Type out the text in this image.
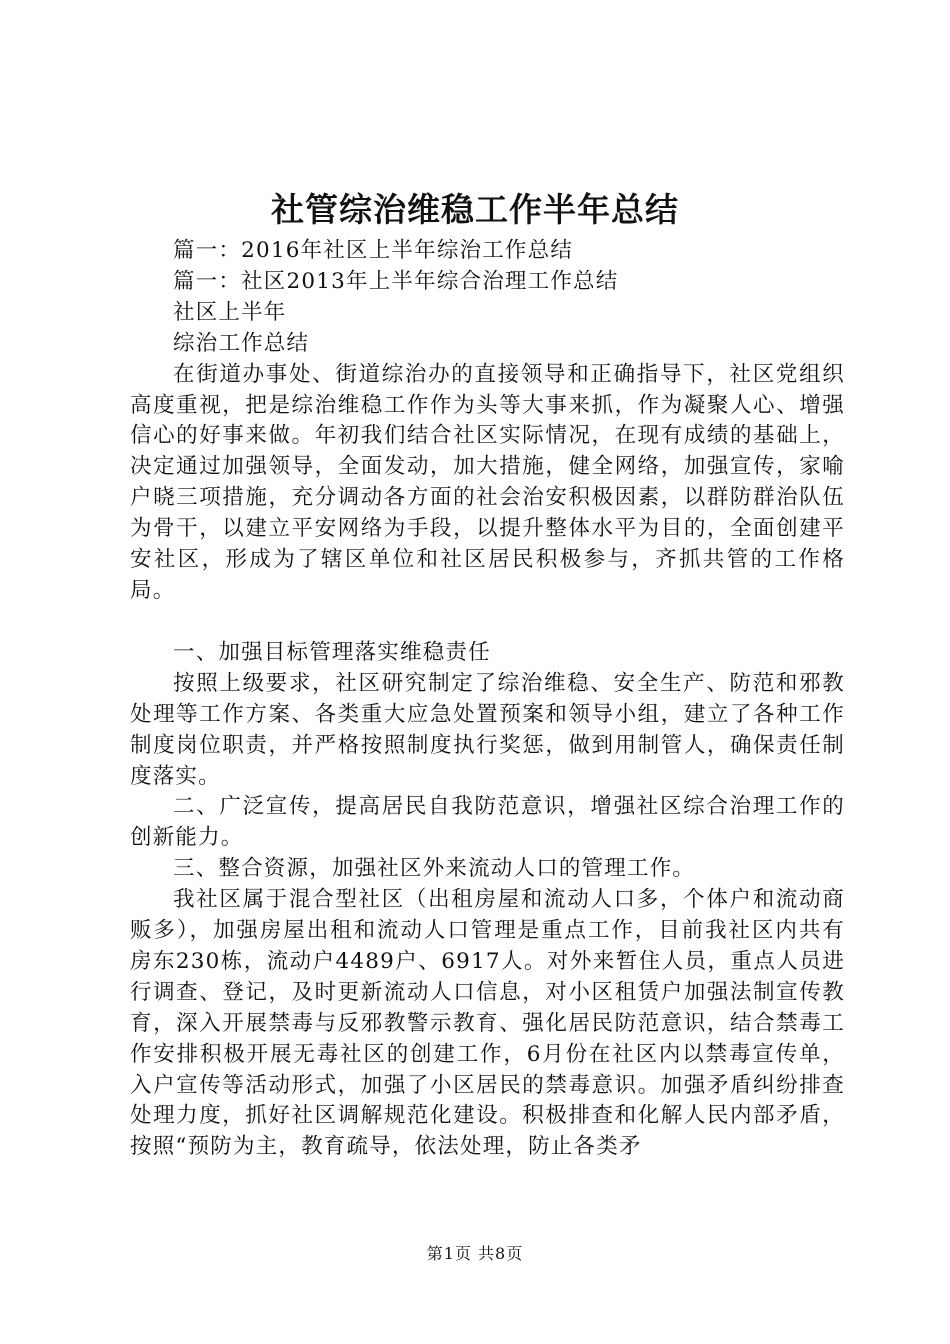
社管综治维稳工作半年总结

篇一：2016年社区上半年综治工作总结

篇一：社区2013年上半年综合治理工作总结

社区上半年

综治工作总结

在街道办事处、街道综治办的直接领导和正确指导下，社区党组织高度重视，把是综治维稳工作作为头等大事来抓，作为凝聚人心、增强信心的好事来做。年初我们结合社区实际情况，在现有成绩的基础上，决定通过加强领导，全面发动，加大措施，健全网络，加强宣传，家喻户晓三项措施，充分调动各方面的社会治安积极因素，以群防群治队伍为骨干，以建立平安网络为手段，以提升整体水平为目的，全面创建平安社区，形成为了辖区单位和社区居民积极参与，齐抓共管的工作格局。

一、加强目标管理落实维稳责任

按照上级要求，社区研究制定了综治维稳、安全生产、防范和邪教处理等工作方案、各类重大应急处置预案和领导小组，建立了各种工作制度岗位职责，并严格按照制度执行奖惩，做到用制管人，确保责任制度落实。

二、广泛宣传，提高居民自我防范意识，增强社区综合治理工作的创新能力。

三、整合资源，加强社区外来流动人口的管理工作。

我社区属于混合型社区（出租房屋和流动人口多，个体户和流动商贩多），加强房屋出租和流动人口管理是重点工作，目前我社区内共有房东230栋，流动户4489户、6917人。对外来暂住人员，重点人员进行调查、登记，及时更新流动人口信息，对小区租赁户加强法制宣传教育，深入开展禁毒与反邪教警示教育、强化居民防范意识，结合禁毒工作安排积极开展无毒社区的创建工作，6月份在社区内以禁毒宣传单，入户宣传等活动形式，加强了小区居民的禁毒意识。加强矛盾纠纷排查处理力度，抓好社区调解规范化建设。积极排查和化解人民内部矛盾，按照“预防为主，教育疏导，依法处理，防止各类矛

第1页 共8页
